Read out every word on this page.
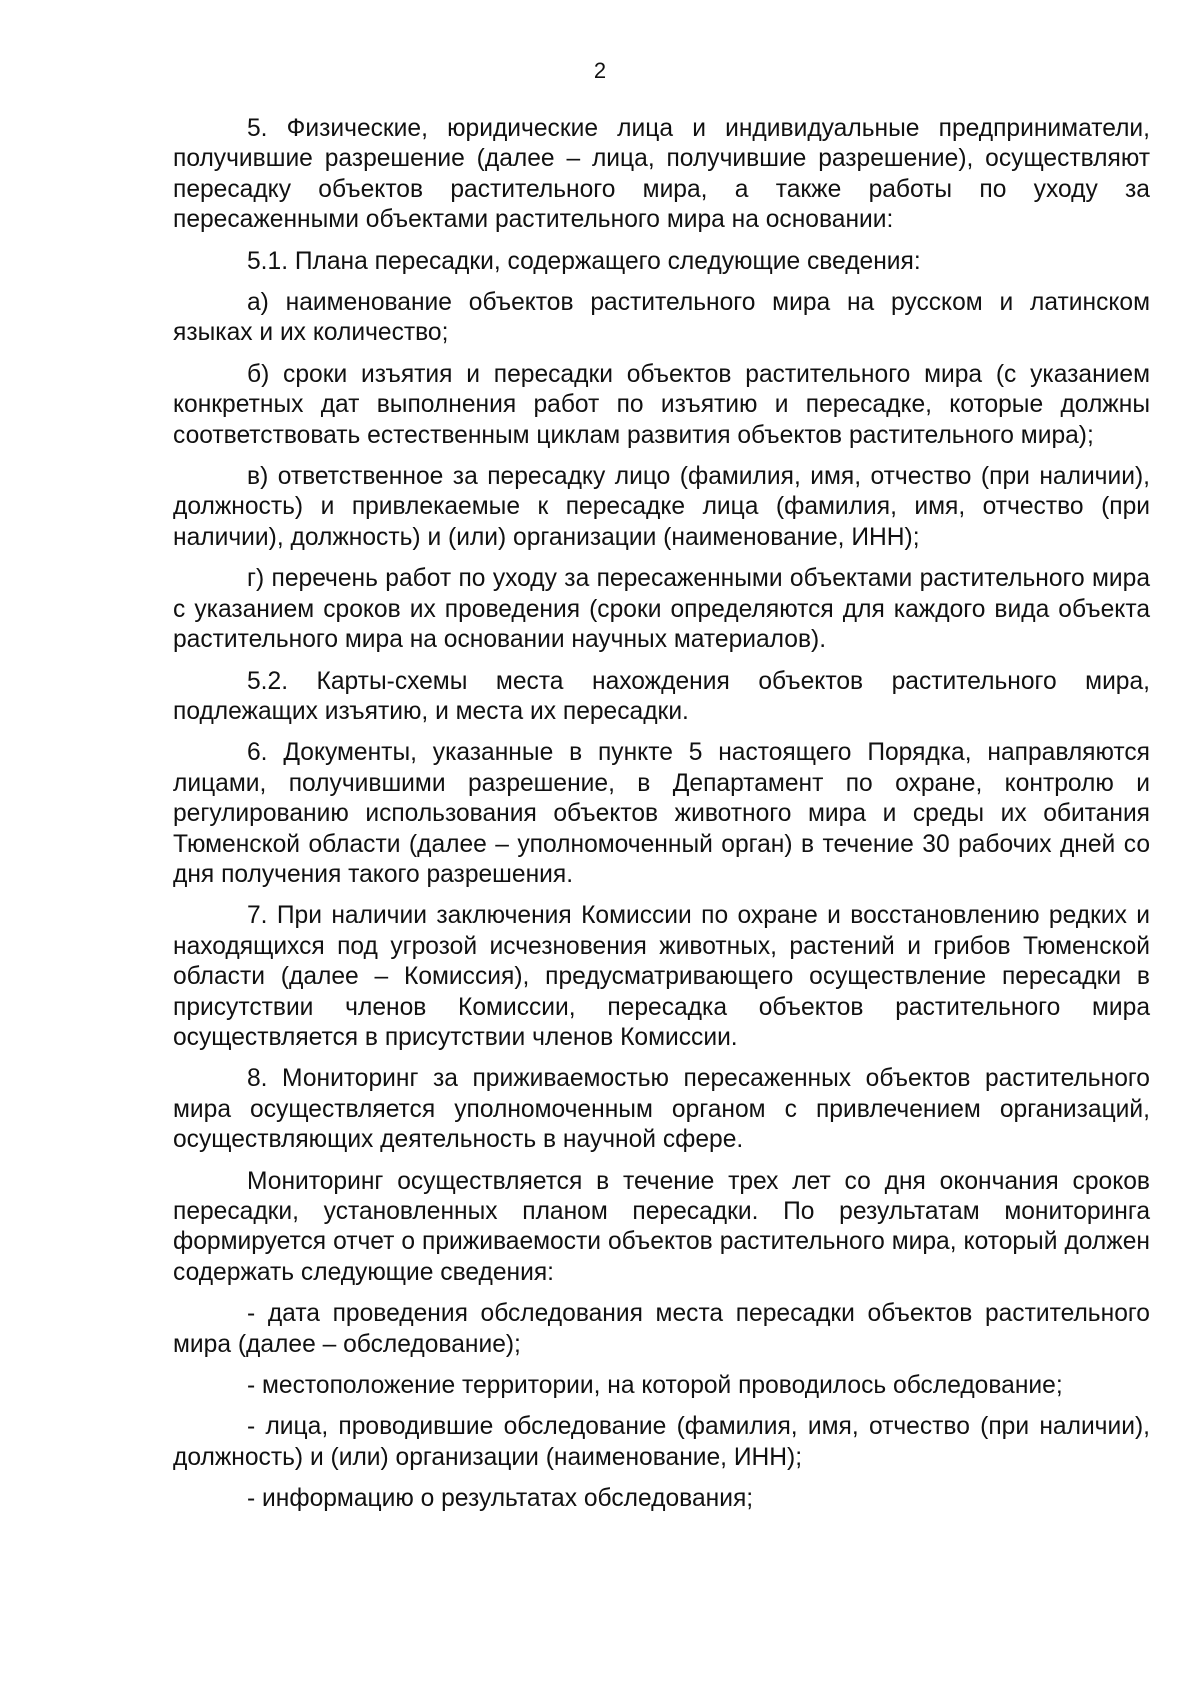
2

5. Физические, юридические лица и индивидуальные предприниматели, получившие разрешение (далее – лица, получившие разрешение), осуществляют пересадку объектов растительного мира, а также работы по уходу за пересаженными объектами растительного мира на основании:

5.1. Плана пересадки, содержащего следующие сведения:

а) наименование объектов растительного мира на русском и латинском языках и их количество;

б) сроки изъятия и пересадки объектов растительного мира (с указанием конкретных дат выполнения работ по изъятию и пересадке, которые должны соответствовать естественным циклам развития объектов растительного мира);

в) ответственное за пересадку лицо (фамилия, имя, отчество (при наличии), должность) и привлекаемые к пересадке лица (фамилия, имя, отчество (при наличии), должность) и (или) организации (наименование, ИНН);

г) перечень работ по уходу за пересаженными объектами растительного мира с указанием сроков их проведения (сроки определяются для каждого вида объекта растительного мира на основании научных материалов).

5.2. Карты-схемы места нахождения объектов растительного мира, подлежащих изъятию, и места их пересадки.

6. Документы, указанные в пункте 5 настоящего Порядка, направляются лицами, получившими разрешение, в Департамент по охране, контролю и регулированию использования объектов животного мира и среды их обитания Тюменской области (далее – уполномоченный орган) в течение 30 рабочих дней со дня получения такого разрешения.

7. При наличии заключения Комиссии по охране и восстановлению редких и находящихся под угрозой исчезновения животных, растений и грибов Тюменской области (далее – Комиссия), предусматривающего осуществление пересадки в присутствии членов Комиссии, пересадка объектов растительного мира осуществляется в присутствии членов Комиссии.

8. Мониторинг за приживаемостью пересаженных объектов растительного мира осуществляется уполномоченным органом с привлечением организаций, осуществляющих деятельность в научной сфере.

Мониторинг осуществляется в течение трех лет со дня окончания сроков пересадки, установленных планом пересадки. По результатам мониторинга формируется отчет о приживаемости объектов растительного мира, который должен содержать следующие сведения:

- дата проведения обследования места пересадки объектов растительного мира (далее – обследование);

- местоположение территории, на которой проводилось обследование;

- лица, проводившие обследование (фамилия, имя, отчество (при наличии), должность) и (или) организации (наименование, ИНН);

- информацию о результатах обследования;
